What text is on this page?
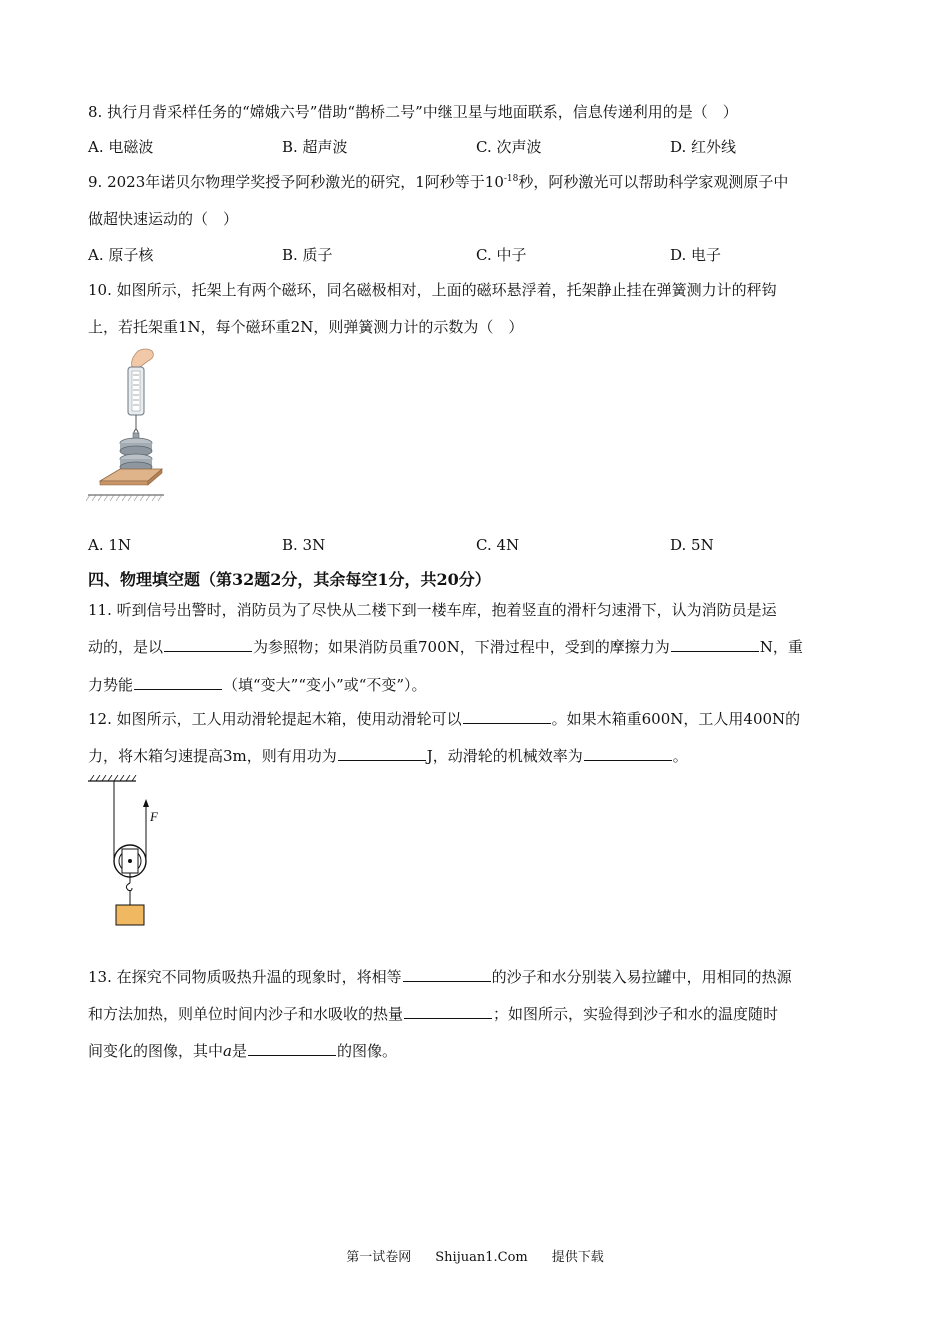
8. 执行月背采样任务的“嫦娥六号”借助“鹊桥二号”中继卫星与地面联系，信息传递利用的是（　）
A. 电磁波	B. 超声波	C. 次声波	D. 红外线
9. 2023年诺贝尔物理学奖授予阿秒激光的研究，1阿秒等于$10^{-18}$秒，阿秒激光可以帮助科学家观测原子中
做超快速运动的（　）
A. 原子核	B. 质子	C. 中子	D. 电子
10. 如图所示，托架上有两个磁环，同名磁极相对，上面的磁环悬浮着，托架静止挂在弹簧测力计的秤钩
上，若托架重1N，每个磁环重2N，则弹簧测力计的示数为（　）
A. 1N	B. 3N	C. 4N	D. 5N
四、物理填空题（第32题2分，其余每空1分，共20分）
11. 听到信号出警时，消防员为了尽快从二楼下到一楼车库，抱着竖直的滑杆匀速滑下，认为消防员是运
动的，是以	为参照物；如果消防员重700N，下滑过程中，受到的摩擦力为	N，重
力势能	（填“变大”“变小”或“不变”）。
12. 如图所示，工人用动滑轮提起木箱，使用动滑轮可以	。如果木箱重600N，工人用400N的
力，将木箱匀速提高3m，则有用功为	J，动滑轮的机械效率为	。
F
13. 在探究不同物质吸热升温的现象时，将相等	的沙子和水分别装入易拉罐中，用相同的热源
和方法加热，则单位时间内沙子和水吸收的热量	；如图所示，实验得到沙子和水的温度随时
间变化的图像，其中a是	的图像。
第一试卷网 Shijuan1.Com 提供下载
